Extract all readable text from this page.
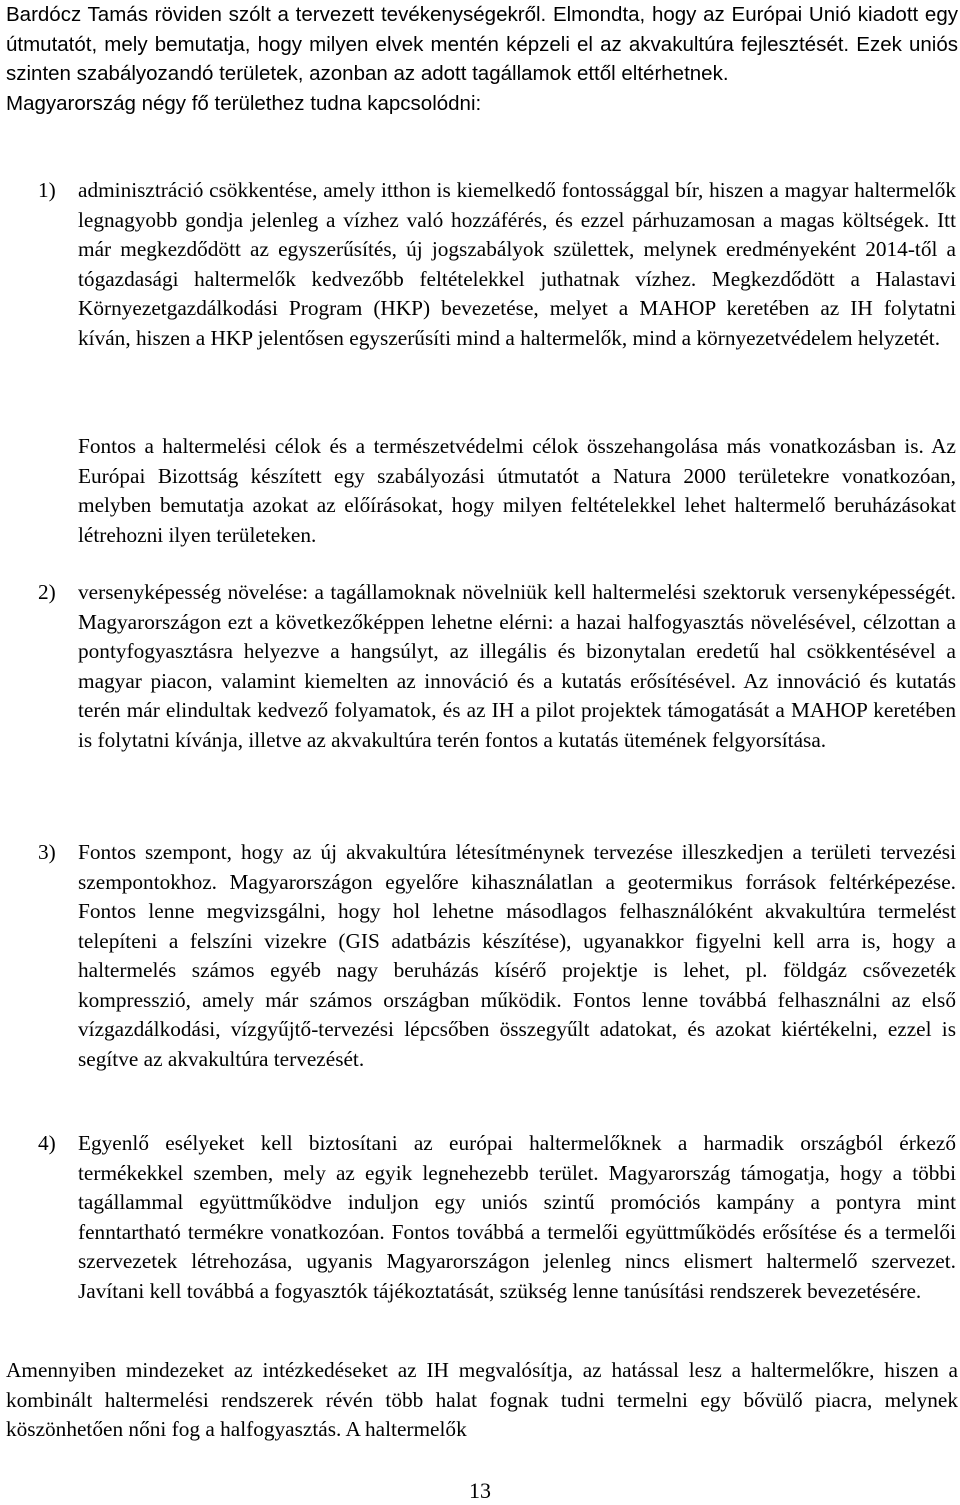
Bardócz Tamás röviden szólt a tervezett tevékenységekről. Elmondta, hogy az Európai Unió kiadott egy útmutatót, mely bemutatja, hogy milyen elvek mentén képzeli el az akvakultúra fejlesztését. Ezek uniós szinten szabályozandó területek, azonban az adott tagállamok ettől eltérhetnek.

Magyarország négy fő területhez tudna kapcsolódni:

1) adminisztráció csökkentése, amely itthon is kiemelkedő fontossággal bír, hiszen a magyar haltermelők legnagyobb gondja jelenleg a vízhez való hozzáférés, és ezzel párhuzamosan a magas költségek. Itt már megkezdődött az egyszerűsítés, új jogszabályok születtek, melynek eredményeként 2014-től a tógazdasági haltermelők kedvezőbb feltételekkel juthatnak vízhez. Megkezdődött a Halastavi Környezetgazdálkodási Program (HKP) bevezetése, melyet a MAHOP keretében az IH folytatni kíván, hiszen a HKP jelentősen egyszerűsíti mind a haltermelők, mind a környezetvédelem helyzetét.

Fontos a haltermelési célok és a természetvédelmi célok összehangolása más vonatkozásban is. Az Európai Bizottság készített egy szabályozási útmutatót a Natura 2000 területekre vonatkozóan, melyben bemutatja azokat az előírásokat, hogy milyen feltételekkel lehet haltermelő beruházásokat létrehozni ilyen területeken.

2) versenyképesség növelése: a tagállamoknak növelniük kell haltermelési szektoruk versenyképességét. Magyarországon ezt a következőképpen lehetne elérni: a hazai halfogyasztás növelésével, célzottan a pontyfogyasztásra helyezve a hangsúlyt, az illegális és bizonytalan eredetű hal csökkentésével a magyar piacon, valamint kiemelten az innováció és a kutatás erősítésével. Az innováció és kutatás terén már elindultak kedvező folyamatok, és az IH a pilot projektek támogatását a MAHOP keretében is folytatni kívánja, illetve az akvakultúra terén fontos a kutatás ütemének felgyorsítása.

3) Fontos szempont, hogy az új akvakultúra létesítménynek tervezése illeszkedjen a területi tervezési szempontokhoz. Magyarországon egyelőre kihasználatlan a geotermikus források feltérképezése. Fontos lenne megvizsgálni, hogy hol lehetne másodlagos felhasználóként akvakultúra termelést telepíteni a felszíni vizekre (GIS adatbázis készítése), ugyanakkor figyelni kell arra is, hogy a haltermelés számos egyéb nagy beruházás kísérő projektje is lehet, pl. földgáz csővezeték kompresszió, amely már számos országban működik. Fontos lenne továbbá felhasználni az első vízgazdálkodási, vízgyűjtő-tervezési lépcsőben összegyűlt adatokat, és azokat kiértékelni, ezzel is segítve az akvakultúra tervezését.

4) Egyenlő esélyeket kell biztosítani az európai haltermelőknek a harmadik országból érkező termékekkel szemben, mely az egyik legnehezebb terület. Magyarország támogatja, hogy a többi tagállammal együttműködve induljon egy uniós szintű promóciós kampány a pontyra mint fenntartható termékre vonatkozóan. Fontos továbbá a termelői együttműködés erősítése és a termelői szervezetek létrehozása, ugyanis Magyarországon jelenleg nincs elismert haltermelő szervezet. Javítani kell továbbá a fogyasztók tájékoztatását, szükség lenne tanúsítási rendszerek bevezetésére.

Amennyiben mindezeket az intézkedéseket az IH megvalósítja, az hatással lesz a haltermelőkre, hiszen a kombinált haltermelési rendszerek révén több halat fognak tudni termelni egy bővülő piacra, melynek köszönhetően nőni fog a halfogyasztás. A haltermelők

13
